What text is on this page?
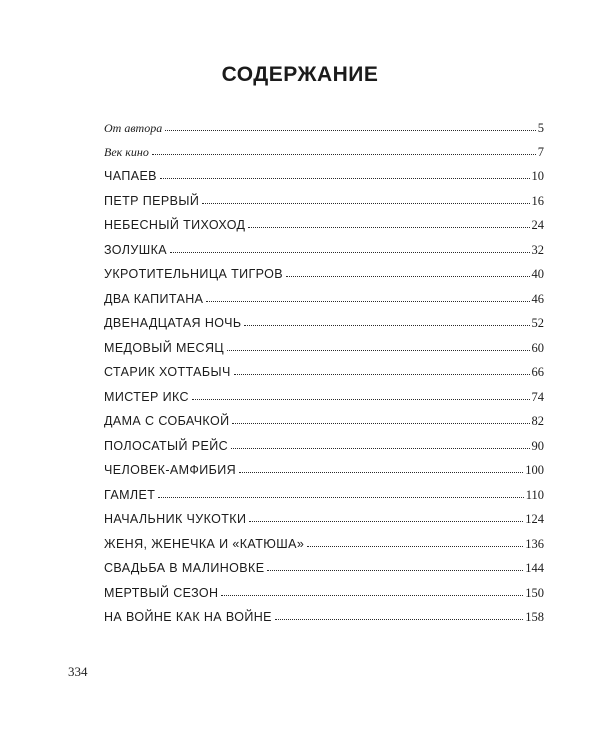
СОДЕРЖАНИЕ
От автора	5
Век кино	7
ЧАПАЕВ	10
ПЕТР ПЕРВЫЙ	16
НЕБЕСНЫЙ ТИХОХОД	24
ЗОЛУШКА	32
УКРОТИТЕЛЬНИЦА ТИГРОВ	40
ДВА КАПИТАНА	46
ДВЕНАДЦАТАЯ НОЧЬ	52
МЕДОВЫЙ МЕСЯЦ	60
СТАРИК ХОТТАБЫЧ	66
МИСТЕР ИКС	74
ДАМА С СОБАЧКОЙ	82
ПОЛОСАТЫЙ РЕЙС	90
ЧЕЛОВЕК-АМФИБИЯ	100
ГАМЛЕТ	110
НАЧАЛЬНИК ЧУКОТКИ	124
ЖЕНЯ, ЖЕНЕЧКА И «КАТЮША»	136
СВАДЬБА В МАЛИНОВКЕ	144
МЕРТВЫЙ СЕЗОН	150
НА ВОЙНЕ КАК НА ВОЙНЕ	158
334
